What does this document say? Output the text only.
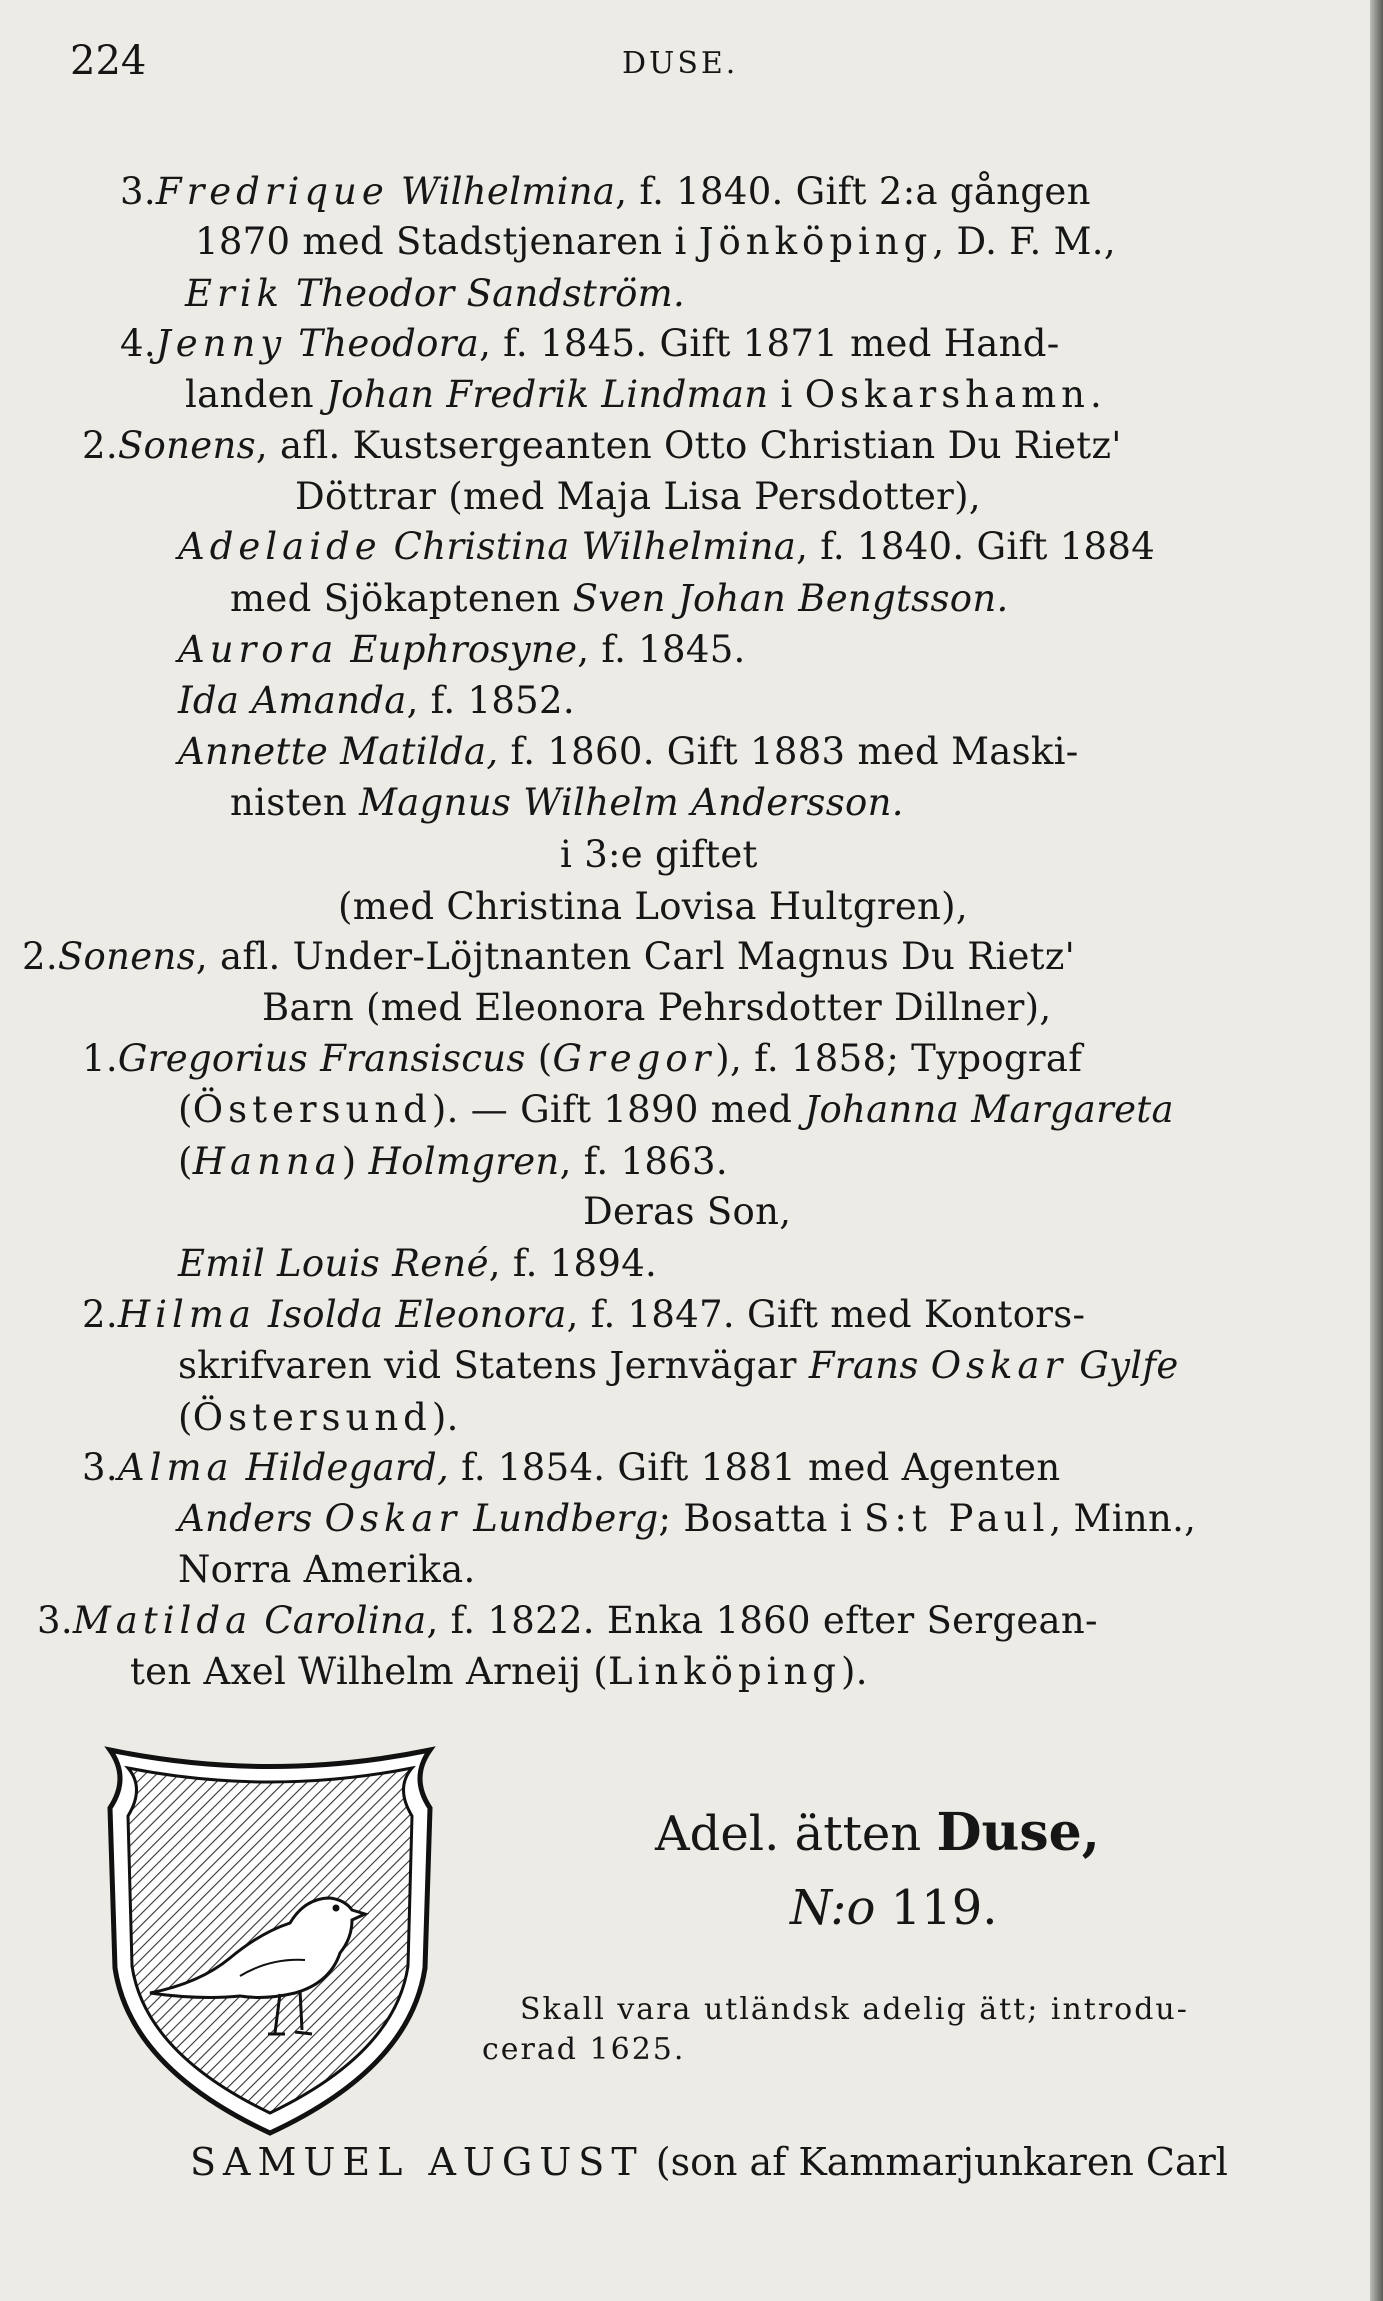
224	DUSE.
3.Fredrique Wilhelmina, f. 1840. Gift 2:a gången
1870 med Stadstjenaren i Jönköping, D. F. M.,
Erik Theodor Sandström.
4.Jenny Theodora, f. 1845. Gift 1871 med Hand-
landen Johan Fredrik Lindman i Oskarshamn.
2.Sonens, afl. Kustsergeanten Otto Christian Du Rietz'
Döttrar (med Maja Lisa Persdotter),
Adelaide Christina Wilhelmina, f. 1840. Gift 1884
med Sjökaptenen Sven Johan Bengtsson.
Aurora Euphrosyne, f. 1845.
Ida Amanda, f. 1852.
Annette Matilda, f. 1860. Gift 1883 med Maski-
nisten Magnus Wilhelm Andersson.
i 3:e giftet
(med Christina Lovisa Hultgren),
2.Sonens, afl. Under-Löjtnanten Carl Magnus Du Rietz'
Barn (med Eleonora Pehrsdotter Dillner),
1.Gregorius Fransiscus (Gregor), f. 1858; Typograf
(Östersund). — Gift 1890 med Johanna Margareta
(Hanna) Holmgren, f. 1863.
Deras Son,
Emil Louis René, f. 1894.
2.Hilma Isolda Eleonora, f. 1847. Gift med Kontors-
skrifvaren vid Statens Jernvägar Frans Oskar Gylfe
(Östersund).
3.Alma Hildegard, f. 1854. Gift 1881 med Agenten
Anders Oskar Lundberg; Bosatta i S:t Paul, Minn.,
Norra Amerika.
3.Matilda Carolina, f. 1822. Enka 1860 efter Sergean-
ten Axel Wilhelm Arneij (Linköping).
Adel. ätten Duse,
N:o 119.
Skall vara utländsk adelig ätt; introdu-
cerad 1625.
SAMUEL AUGUST (son af Kammarjunkaren Carl
